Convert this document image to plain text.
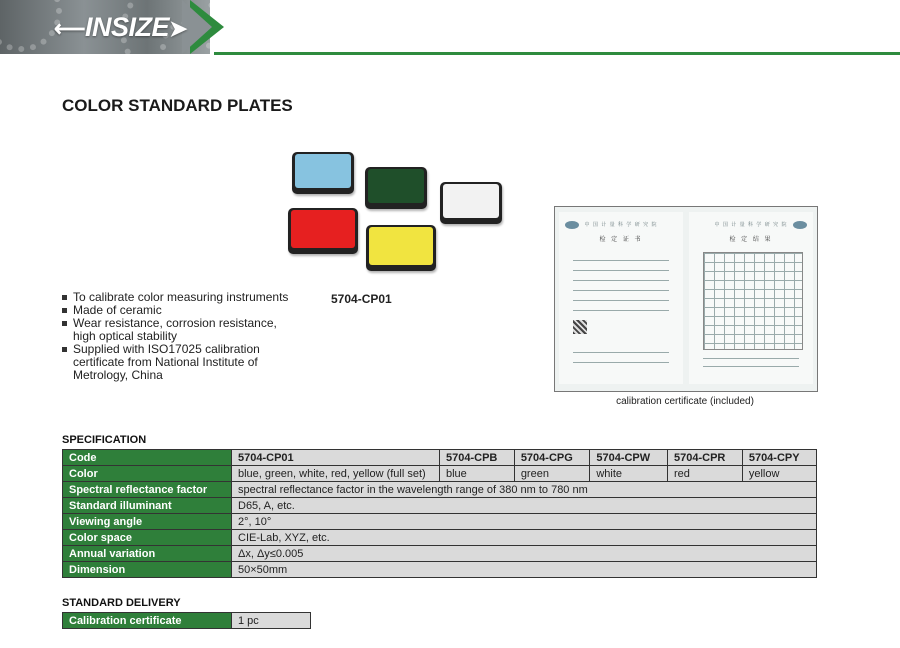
⟵INSIZE➤
COLOR STANDARD PLATES
5704-CP01
To calibrate color measuring instruments
Made of ceramic
Wear resistance, corrosion resistance, high optical stability
Supplied with ISO17025 calibration certificate from National Institute of Metrology, China
中 国 计 量 科 学 研 究 院
检 定 证 书
中 国 计 量 科 学 研 究 院
检 定 结 果
calibration certificate (included)
SPECIFICATION
Code	5704-CP01	5704-CPB	5704-CPG	5704-CPW	5704-CPR	5704-CPY
Color	blue, green, white, red, yellow (full set)	blue	green	white	red	yellow
Spectral reflectance factor	spectral reflectance factor in the wavelength range of 380 nm to 780 nm					
Standard illuminant	D65, A, etc.					
Viewing angle	2°, 10°					
Color space	CIE-Lab, XYZ, etc.					
Annual variation	Δx, Δy≤0.005					
Dimension	50×50mm					
STANDARD DELIVERY
Calibration certificate	1 pc
